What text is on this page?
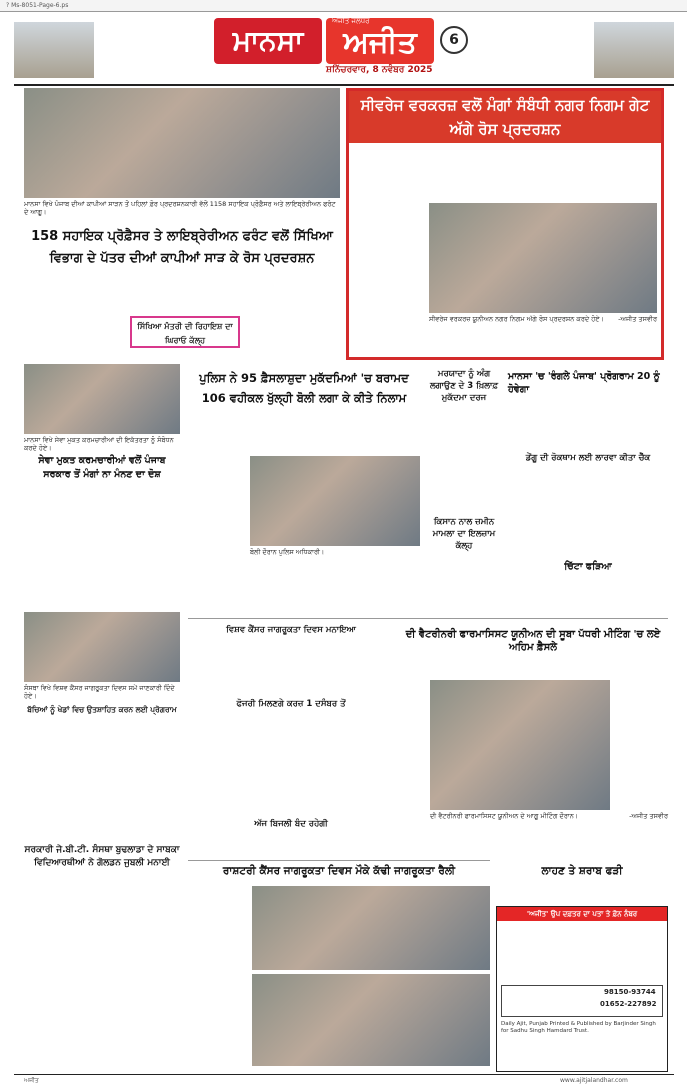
? Ms-8051-Page-6.ps
ਮਾਨਸਾ	ਅਜੀਤ
ਅਜੀਤ ਜਲੰਧਰ
ਸ਼ਨਿੱਚਰਵਾਰ, 8 ਨਵੰਬਰ 2025
6
ਮਾਨਸਾ ਵਿਖੇ ਪੰਜਾਬ ਦੀਆਂ ਕਾਪੀਆਂ ਸਾੜਨ ਤੋਂ ਪਹਿਲਾਂ ਫ਼ੋਰ ਪ੍ਰਦਰਸ਼ਨਕਾਰੀ ਵੱਲੋਂ 1158 ਸਹਾਇਕ ਪ੍ਰੋਫ਼ੈਸਰ ਅਤੇ ਲਾਇਬ੍ਰੇਰੀਅਨ ਫਰੰਟ ਦੇ ਆਗੂ।
158 ਸਹਾਇਕ ਪ੍ਰੋਫ਼ੈਸਰ ਤੇ ਲਾਇਬ੍ਰੇਰੀਅਨ ਫਰੰਟ ਵਲੋਂ ਸਿੱਖਿਆ ਵਿਭਾਗ ਦੇ ਪੱਤਰ ਦੀਆਂ ਕਾਪੀਆਂ ਸਾੜ ਕੇ ਰੋਸ ਪ੍ਰਦਰਸ਼ਨ
ਸਿੱਖਿਆ ਮੰਤਰੀ ਦੀ ਰਿਹਾਇਸ਼ ਦਾ ਘਿਰਾਓ ਕੱਲ੍ਹ
ਸੀਵਰੇਜ ਵਰਕਰਜ਼ ਵਲੋਂ ਮੰਗਾਂ ਸੰਬੰਧੀ ਨਗਰ ਨਿਗਮ ਗੇਟ ਅੱਗੇ ਰੋਸ ਪ੍ਰਦਰਸ਼ਨ
ਸੀਵਰੇਜ ਵਰਕਰਜ਼ ਯੂਨੀਅਨ ਨਗਰ ਨਿਗਮ ਅੱਗੇ ਰੋਸ ਪ੍ਰਦਰਸ਼ਨ ਕਰਦੇ ਹੋਏ।	-ਅਜੀਤ ਤਸਵੀਰ
ਮਾਨਸਾ ਵਿਖੇ ਸੇਵਾ ਮੁਕਤ ਕਰਮਚਾਰੀਆਂ ਦੀ ਇਕੱਤਰਤਾ ਨੂੰ ਸੰਬੋਧਨ ਕਰਦੇ ਹੋਏ।
ਸੇਵਾ ਮੁਕਤ ਕਰਮਚਾਰੀਆਂ ਵਲੋਂ ਪੰਜਾਬ ਸਰਕਾਰ ਤੋਂ ਮੰਗਾਂ ਨਾ ਮੰਨਣ ਦਾ ਦੋਸ਼
ਸੰਸਥਾ ਵਿਖੇ ਵਿਸ਼ਵ ਕੈਂਸਰ ਜਾਗਰੂਕਤਾ ਦਿਵਸ ਸਮੇਂ ਜਾਣਕਾਰੀ ਦਿੰਦੇ ਹੋਏ।
ਪੁਲਿਸ ਨੇ 95 ਫ਼ੈਸਲਾਸ਼ੁਦਾ ਮੁਕੱਦਮਿਆਂ 'ਚ ਬਰਾਮਦ 106 ਵਹੀਕਲ ਖੁੱਲ੍ਹੀ ਬੋਲੀ ਲਗਾ ਕੇ ਕੀਤੇ ਨਿਲਾਮ
ਬੋਲੀ ਦੌਰਾਨ ਪੁਲਿਸ ਅਧਿਕਾਰੀ।
ਮਰਯਾਦਾ ਨੂੰ ਅੰਗ ਲਗਾਉਣ ਦੇ 3 ਖ਼ਿਲਾਫ਼ ਮੁਕੱਦਮਾ ਦਰਜ
ਕਿਸਾਨ ਨਾਲ ਜ਼ਮੀਨ ਮਾਮਲਾ ਦਾ ਇਲਜ਼ਾਮ ਕੱਲ੍ਹ
ਮਾਨਸਾ 'ਚ 'ਰੰਗਲੇ ਪੰਜਾਬ' ਪ੍ਰੋਗਰਾਮ 20 ਨੂੰ ਹੋਵੇਗਾ
ਡੇਂਗੂ ਦੀ ਰੋਕਥਾਮ ਲਈ ਲਾਰਵਾ ਕੀਤਾ ਚੈੱਕ
ਚਿੱਟਾ ਫੜਿਆ
ਵਿਸ਼ਵ ਕੈਂਸਰ ਜਾਗਰੂਕਤਾ ਦਿਵਸ ਮਨਾਇਆ
ਫੋਜਰੀ ਮਿਲਣਗੇ ਕਰਜ਼ 1 ਦਸੰਬਰ ਤੋਂ
ਅੱਜ ਬਿਜਲੀ ਬੰਦ ਰਹੇਗੀ
ਦੀ ਵੈਟਰੀਨਰੀ ਫਾਰਮਾਸਿਸਟ ਯੂਨੀਅਨ ਦੀ ਸੂਬਾ ਪੱਧਰੀ ਮੀਟਿੰਗ 'ਚ ਲਏ ਅਹਿਮ ਫ਼ੈਸਲੇ
ਦੀ ਵੈਟਰੀਨਰੀ ਫਾਰਮਾਸਿਸਟ ਯੂਨੀਅਨ ਦੇ ਆਗੂ ਮੀਟਿੰਗ ਦੌਰਾਨ।	-ਅਜੀਤ ਤਸਵੀਰ
ਬੱਚਿਆਂ ਨੂੰ ਖੇਡਾਂ ਵਿਚ ਉਤਸ਼ਾਹਿਤ ਕਰਨ ਲਈ ਪ੍ਰੋਗਰਾਮ
ਸਰਕਾਰੀ ਜੇ.ਬੀ.ਟੀ. ਸੰਸਥਾ ਬੁਢਲਾਡਾ ਦੇ ਸਾਬਕਾ ਵਿਦਿਆਰਥੀਆਂ ਨੇ ਗੋਲਡਨ ਜੁਬਲੀ ਮਨਾਈ
ਰਾਸ਼ਟਰੀ ਕੈਂਸਰ ਜਾਗਰੂਕਤਾ ਦਿਵਸ ਮੌਕੇ ਕੱਢੀ ਜਾਗਰੂਕਤਾ ਰੈਲੀ	ਲਾਹਣ ਤੇ ਸ਼ਰਾਬ ਫੜੀ
'ਅਜੀਤ' ਉਪ ਦਫ਼ਤਰ ਦਾ ਪਤਾ ਤੇ ਫ਼ੋਨ ਨੰਬਰ
98150-93744
01652-227892
Daily Ajit, Punjab Printed & Published by Barjinder Singh for Sadhu Singh Hamdard Trust.
ਅਜੀਤ	www.ajitjalandhar.com
